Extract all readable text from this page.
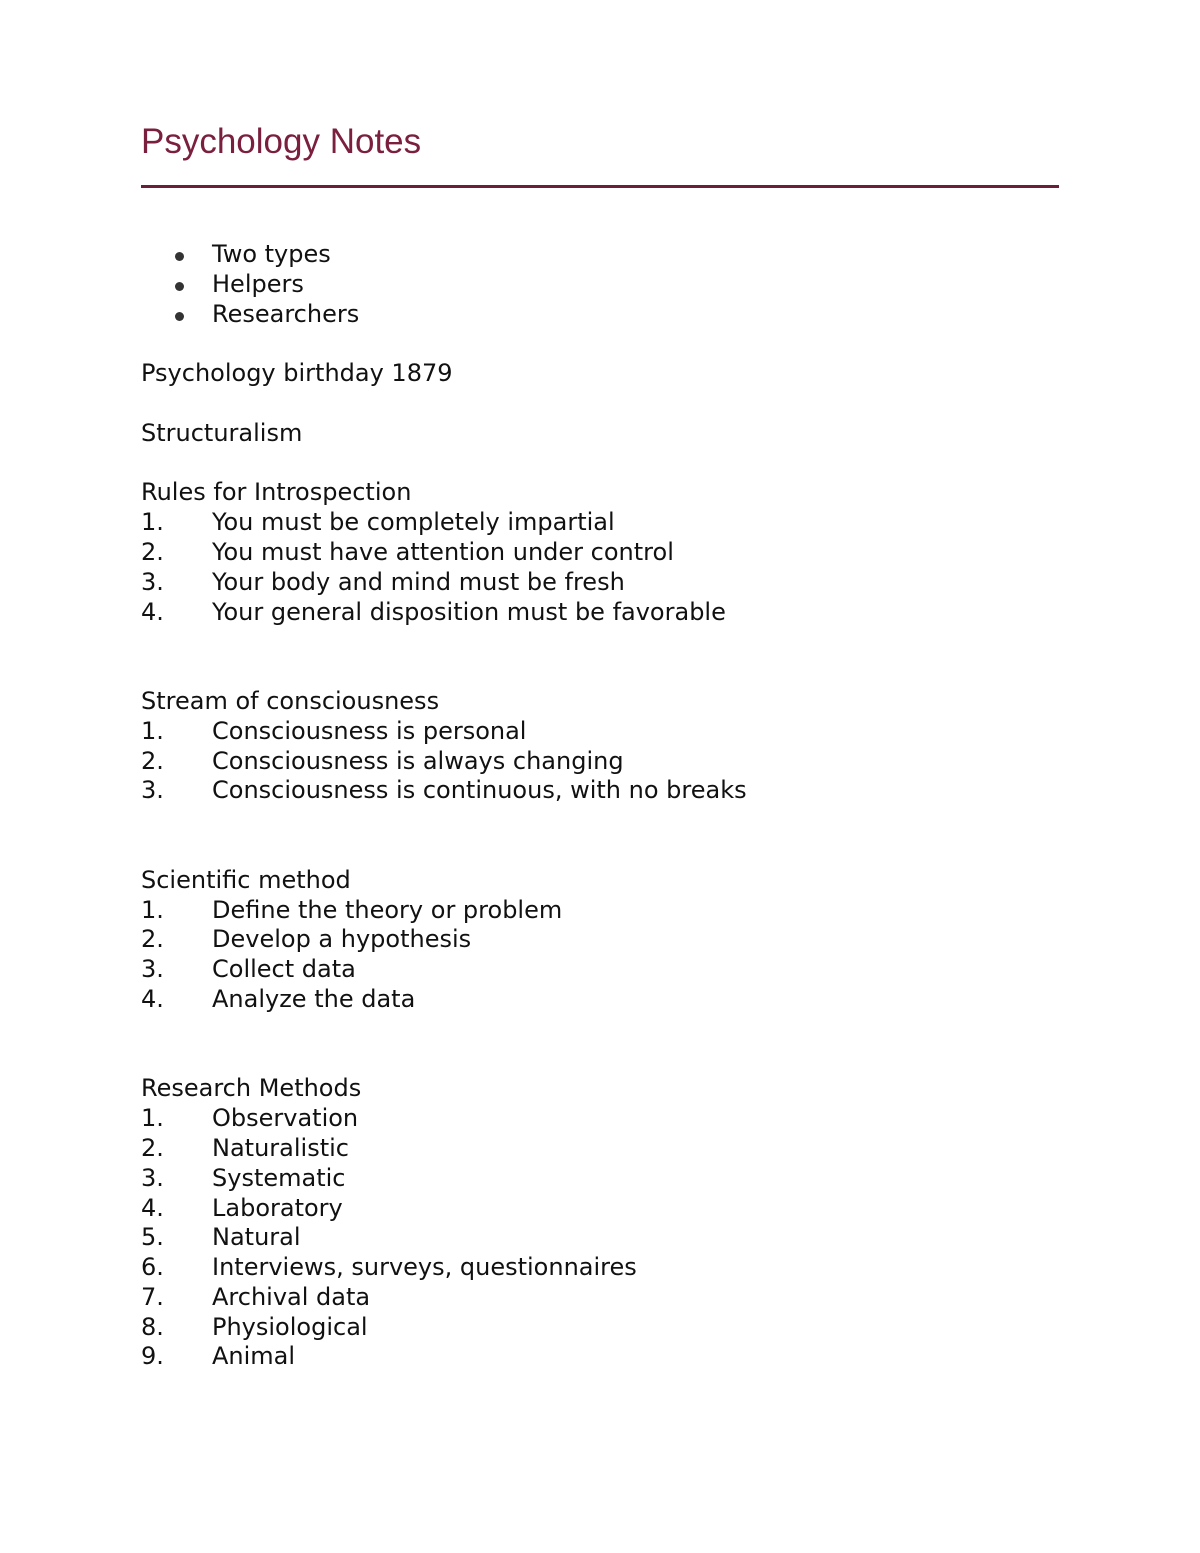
Psychology Notes
Two types
Helpers
Researchers
Psychology birthday 1879
Structuralism
Rules for Introspection
1. You must be completely impartial
2. You must have attention under control
3. Your body and mind must be fresh
4. Your general disposition must be favorable
Stream of consciousness
1. Consciousness is personal
2. Consciousness is always changing
3. Consciousness is continuous, with no breaks
Scientific method
1. Define the theory or problem
2. Develop a hypothesis
3. Collect data
4. Analyze the data
Research Methods
1. Observation
2. Naturalistic
3. Systematic
4. Laboratory
5. Natural
6. Interviews, surveys, questionnaires
7. Archival data
8. Physiological
9. Animal
